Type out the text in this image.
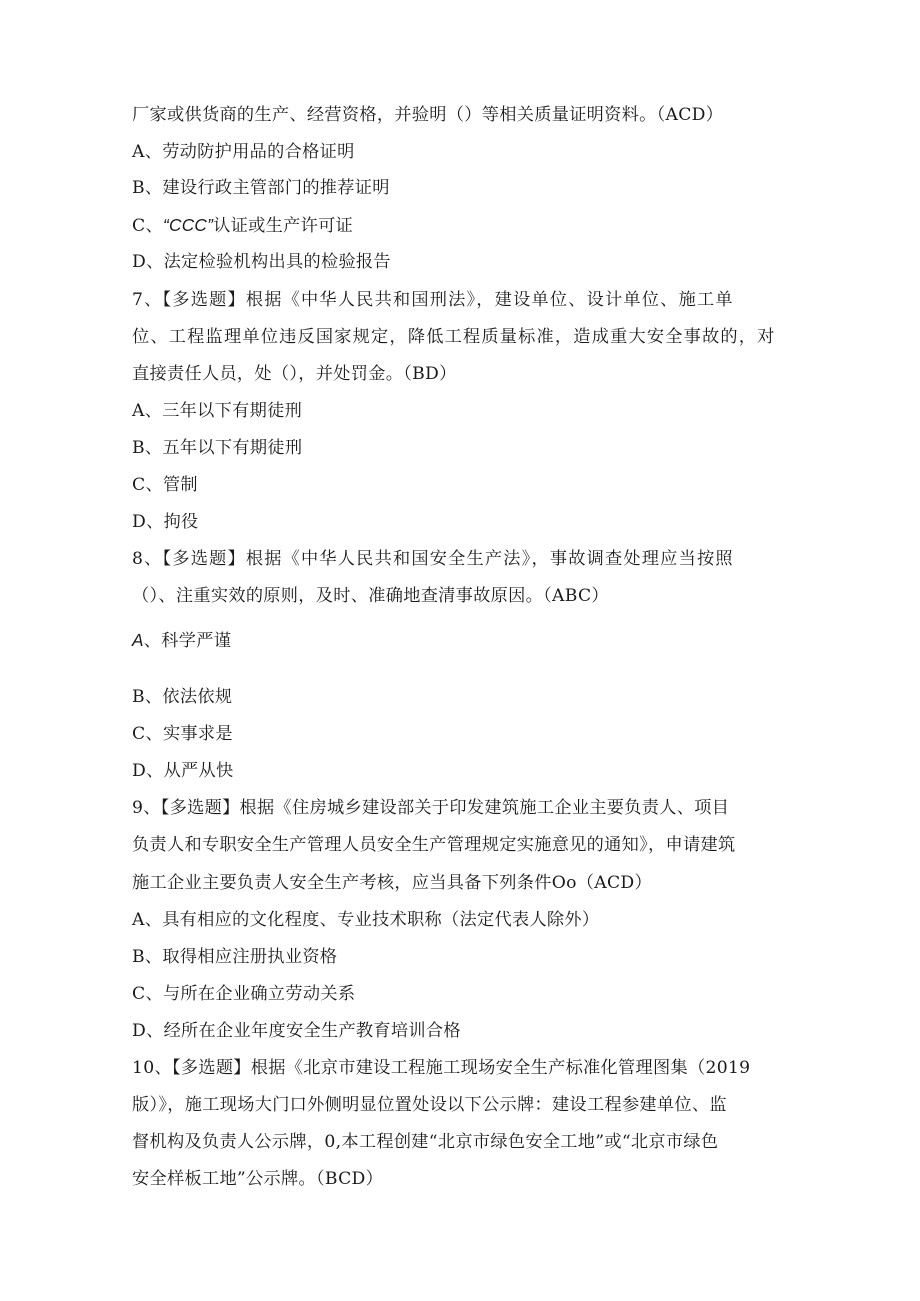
厂家或供货商的生产、经营资格，并验明（）等相关质量证明资料。（ACD）
A、劳动防护用品的合格证明
B、建设行政主管部门的推荐证明
C、“CCC”认证或生产许可证
D、法定检验机构出具的检验报告
7、【多选题】根据《中华人民共和国刑法》，建设单位、设计单位、施工单
位、工程监理单位违反国家规定，降低工程质量标准，造成重大安全事故的，对
直接责任人员，处（），并处罚金。（BD）
A、三年以下有期徒刑
B、五年以下有期徒刑
C、管制
D、拘役
8、【多选题】根据《中华人民共和国安全生产法》，事故调查处理应当按照
（）、注重实效的原则，及时、准确地查清事故原因。（ABC）
A、科学严谨
B、依法依规
C、实事求是
D、从严从快
9、【多选题】根据《住房城乡建设部关于印发建筑施工企业主要负责人、项目
负责人和专职安全生产管理人员安全生产管理规定实施意见的通知》，申请建筑
施工企业主要负责人安全生产考核，应当具备下列条件Oo（ACD）
A、具有相应的文化程度、专业技术职称（法定代表人除外）
B、取得相应注册执业资格
C、与所在企业确立劳动关系
D、经所在企业年度安全生产教育培训合格
10、【多选题】根据《北京市建设工程施工现场安全生产标准化管理图集（2019
版）》，施工现场大门口外侧明显位置处设以下公示牌：建设工程参建单位、监
督机构及负责人公示牌，0,本工程创建“北京市绿色安全工地”或“北京市绿色
安全样板工地”公示牌。（BCD）
